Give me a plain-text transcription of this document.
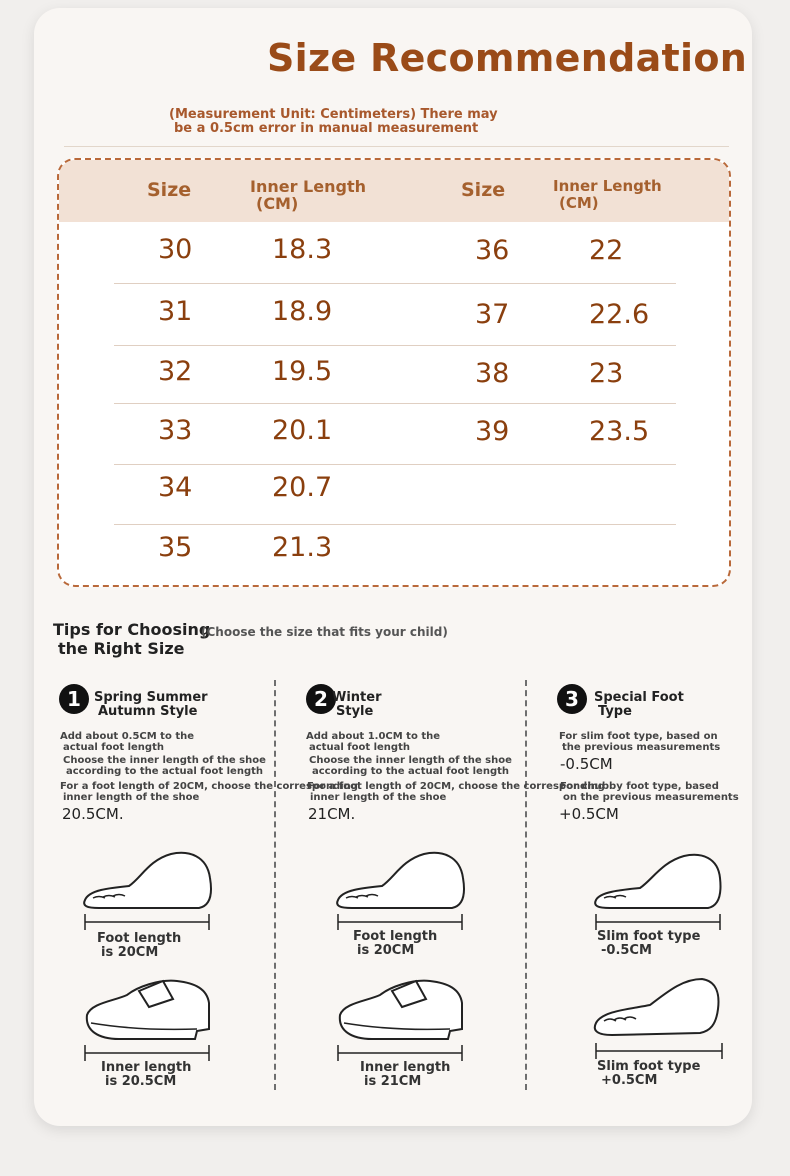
Size Recommendation
(Measurement Unit: Centimeters) There may
be a 0.5cm error in manual measurement
Size	Inner Length
(CM)
Size	Inner Length
(CM)
30	18.3
31	18.9
32	19.5
33	20.1
34	20.7
35	21.3
36	22
37	22.6
38	23
39	23.5
Tips for Choosing
the Right Size
(Choose the size that fits your child)
1	Spring Summer
Autumn Style
Add about 0.5CM to the
actual foot length
Choose the inner length of the shoe
according to the actual foot length
For a foot length of 20CM, choose the corresponding
inner length of the shoe
20.5CM.
Foot length
is 20CM
Inner length
is 20.5CM
2 Winter
Style
Add about 1.0CM to the
actual foot length
Choose the inner length of the shoe
according to the actual foot length
For a foot length of 20CM, choose the corresponding
inner length of the shoe
21CM.
Foot length
is 20CM
Inner length
is 21CM
3	Special Foot
Type
For slim foot type, based on
the previous measurements
-0.5CM
For chubby foot type, based
on the previous measurements
+0.5CM
Slim foot type
-0.5CM
Slim foot type
+0.5CM
